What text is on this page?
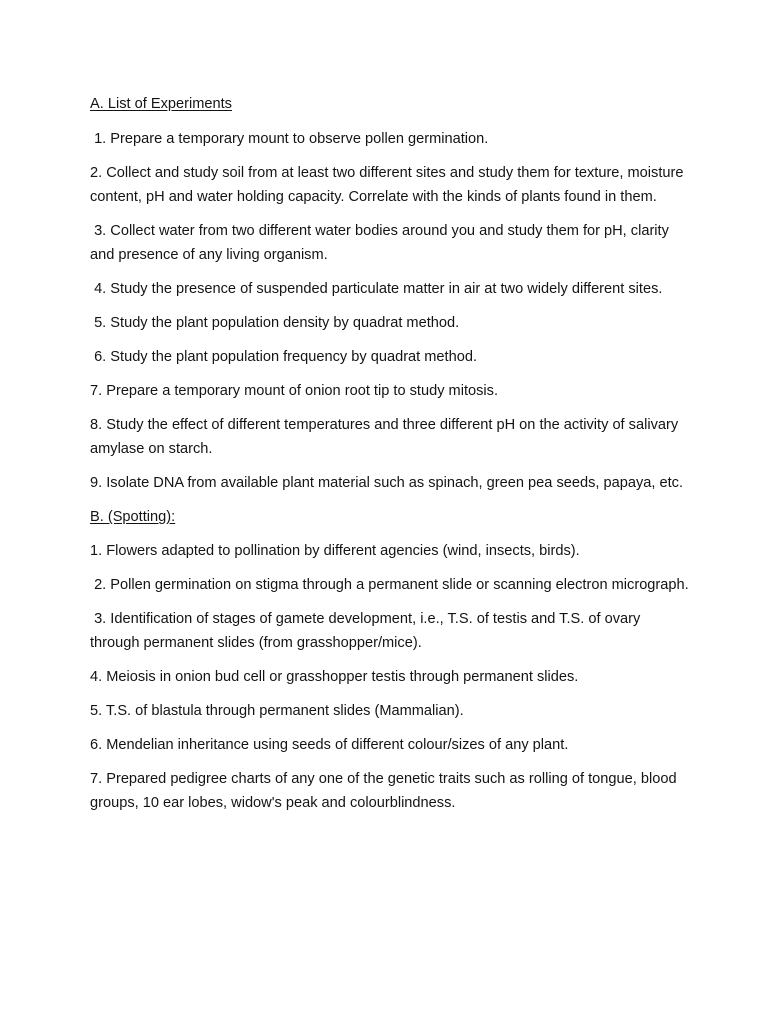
A. List of Experiments

1. Prepare a temporary mount to observe pollen germination.

2. Collect and study soil from at least two different sites and study them for texture, moisture content, pH and water holding capacity. Correlate with the kinds of plants found in them.

3. Collect water from two different water bodies around you and study them for pH, clarity and presence of any living organism.

4. Study the presence of suspended particulate matter in air at two widely different sites.

5. Study the plant population density by quadrat method.

6. Study the plant population frequency by quadrat method.

7. Prepare a temporary mount of onion root tip to study mitosis.

8. Study the effect of different temperatures and three different pH on the activity of salivary amylase on starch.

9. Isolate DNA from available plant material such as spinach, green pea seeds, papaya, etc.

B. (Spotting):

1. Flowers adapted to pollination by different agencies (wind, insects, birds).

2. Pollen germination on stigma through a permanent slide or scanning electron micrograph.

3. Identification of stages of gamete development, i.e., T.S. of testis and T.S. of ovary through permanent slides (from grasshopper/mice).

4. Meiosis in onion bud cell or grasshopper testis through permanent slides.

5. T.S. of blastula through permanent slides (Mammalian).

6. Mendelian inheritance using seeds of different colour/sizes of any plant.

7. Prepared pedigree charts of any one of the genetic traits such as rolling of tongue, blood groups, 10 ear lobes, widow's peak and colourblindness.
